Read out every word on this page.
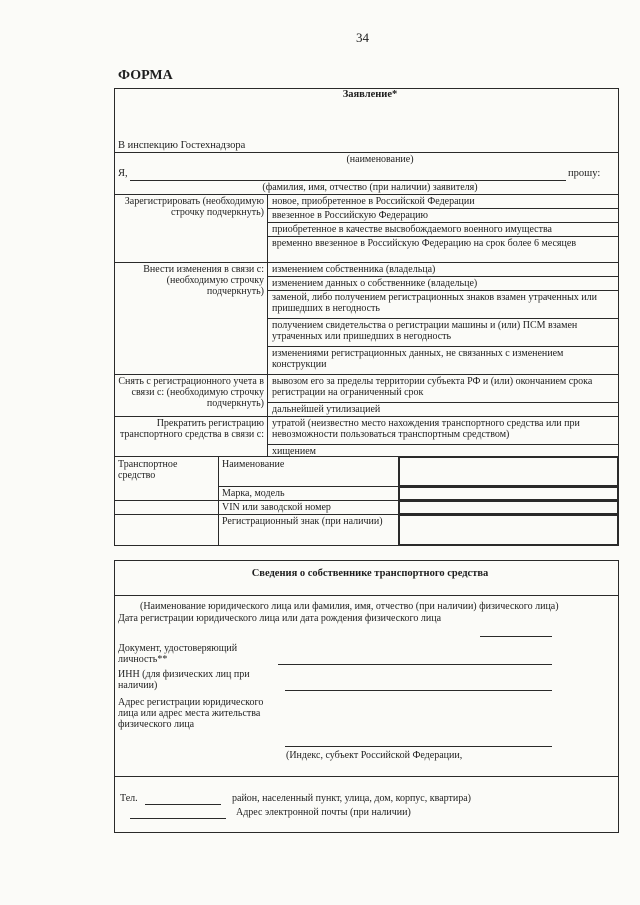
34
ФОРМА
Заявление*
В инспекцию Гостехнадзора
(наименование)
Я,	прошу:
(фамилия, имя, отчество (при наличии) заявителя)
Зарегистрировать (необходимую строчку подчеркнуть)
новое, приобретенное в Российской Федерации
ввезенное в Российскую Федерацию
приобретенное в качестве высвобождаемого военного имущества
временно ввезенное в Российскую Федерацию на срок более 6 месяцев
Внести изменения в связи с: (необходимую строчку подчеркнуть)
изменением собственника (владельца)
изменением данных о собственнике (владельце)
заменой, либо получением регистрационных знаков взамен утраченных или пришедших в негодность
получением свидетельства о регистрации машины и (или) ПСМ взамен утраченных или пришедших в негодность
изменениями регистрационных данных, не связанных с изменением конструкции
Снять с регистрационного учета в связи с: (необходимую строчку подчеркнуть)
вывозом его за пределы территории субъекта РФ и (или) окончанием срока регистрации на ограниченный срок
дальнейшей утилизацией
Прекратить регистрацию транспортного средства в связи с:
утратой (неизвестно место нахождения транспортного средства или при невозможности пользоваться транспортным средством)
хищением
Транспортное средство
Наименование
Марка, модель
VIN или заводской номер
Регистрационный знак (при наличии)
Сведения о собственнике транспортного средства
(Наименование юридического лица или фамилия, имя, отчество (при наличии) физического лица)
Дата регистрации юридического лица или дата рождения физического лица
Документ, удостоверяющий личность**
ИНН (для физических лиц при наличии)
Адрес регистрации юридического лица или адрес места жительства физического лица
(Индекс, субъект Российской Федерации,
Тел.	район, населенный пункт, улица, дом, корпус, квартира)
Адрес электронной почты (при наличии)
